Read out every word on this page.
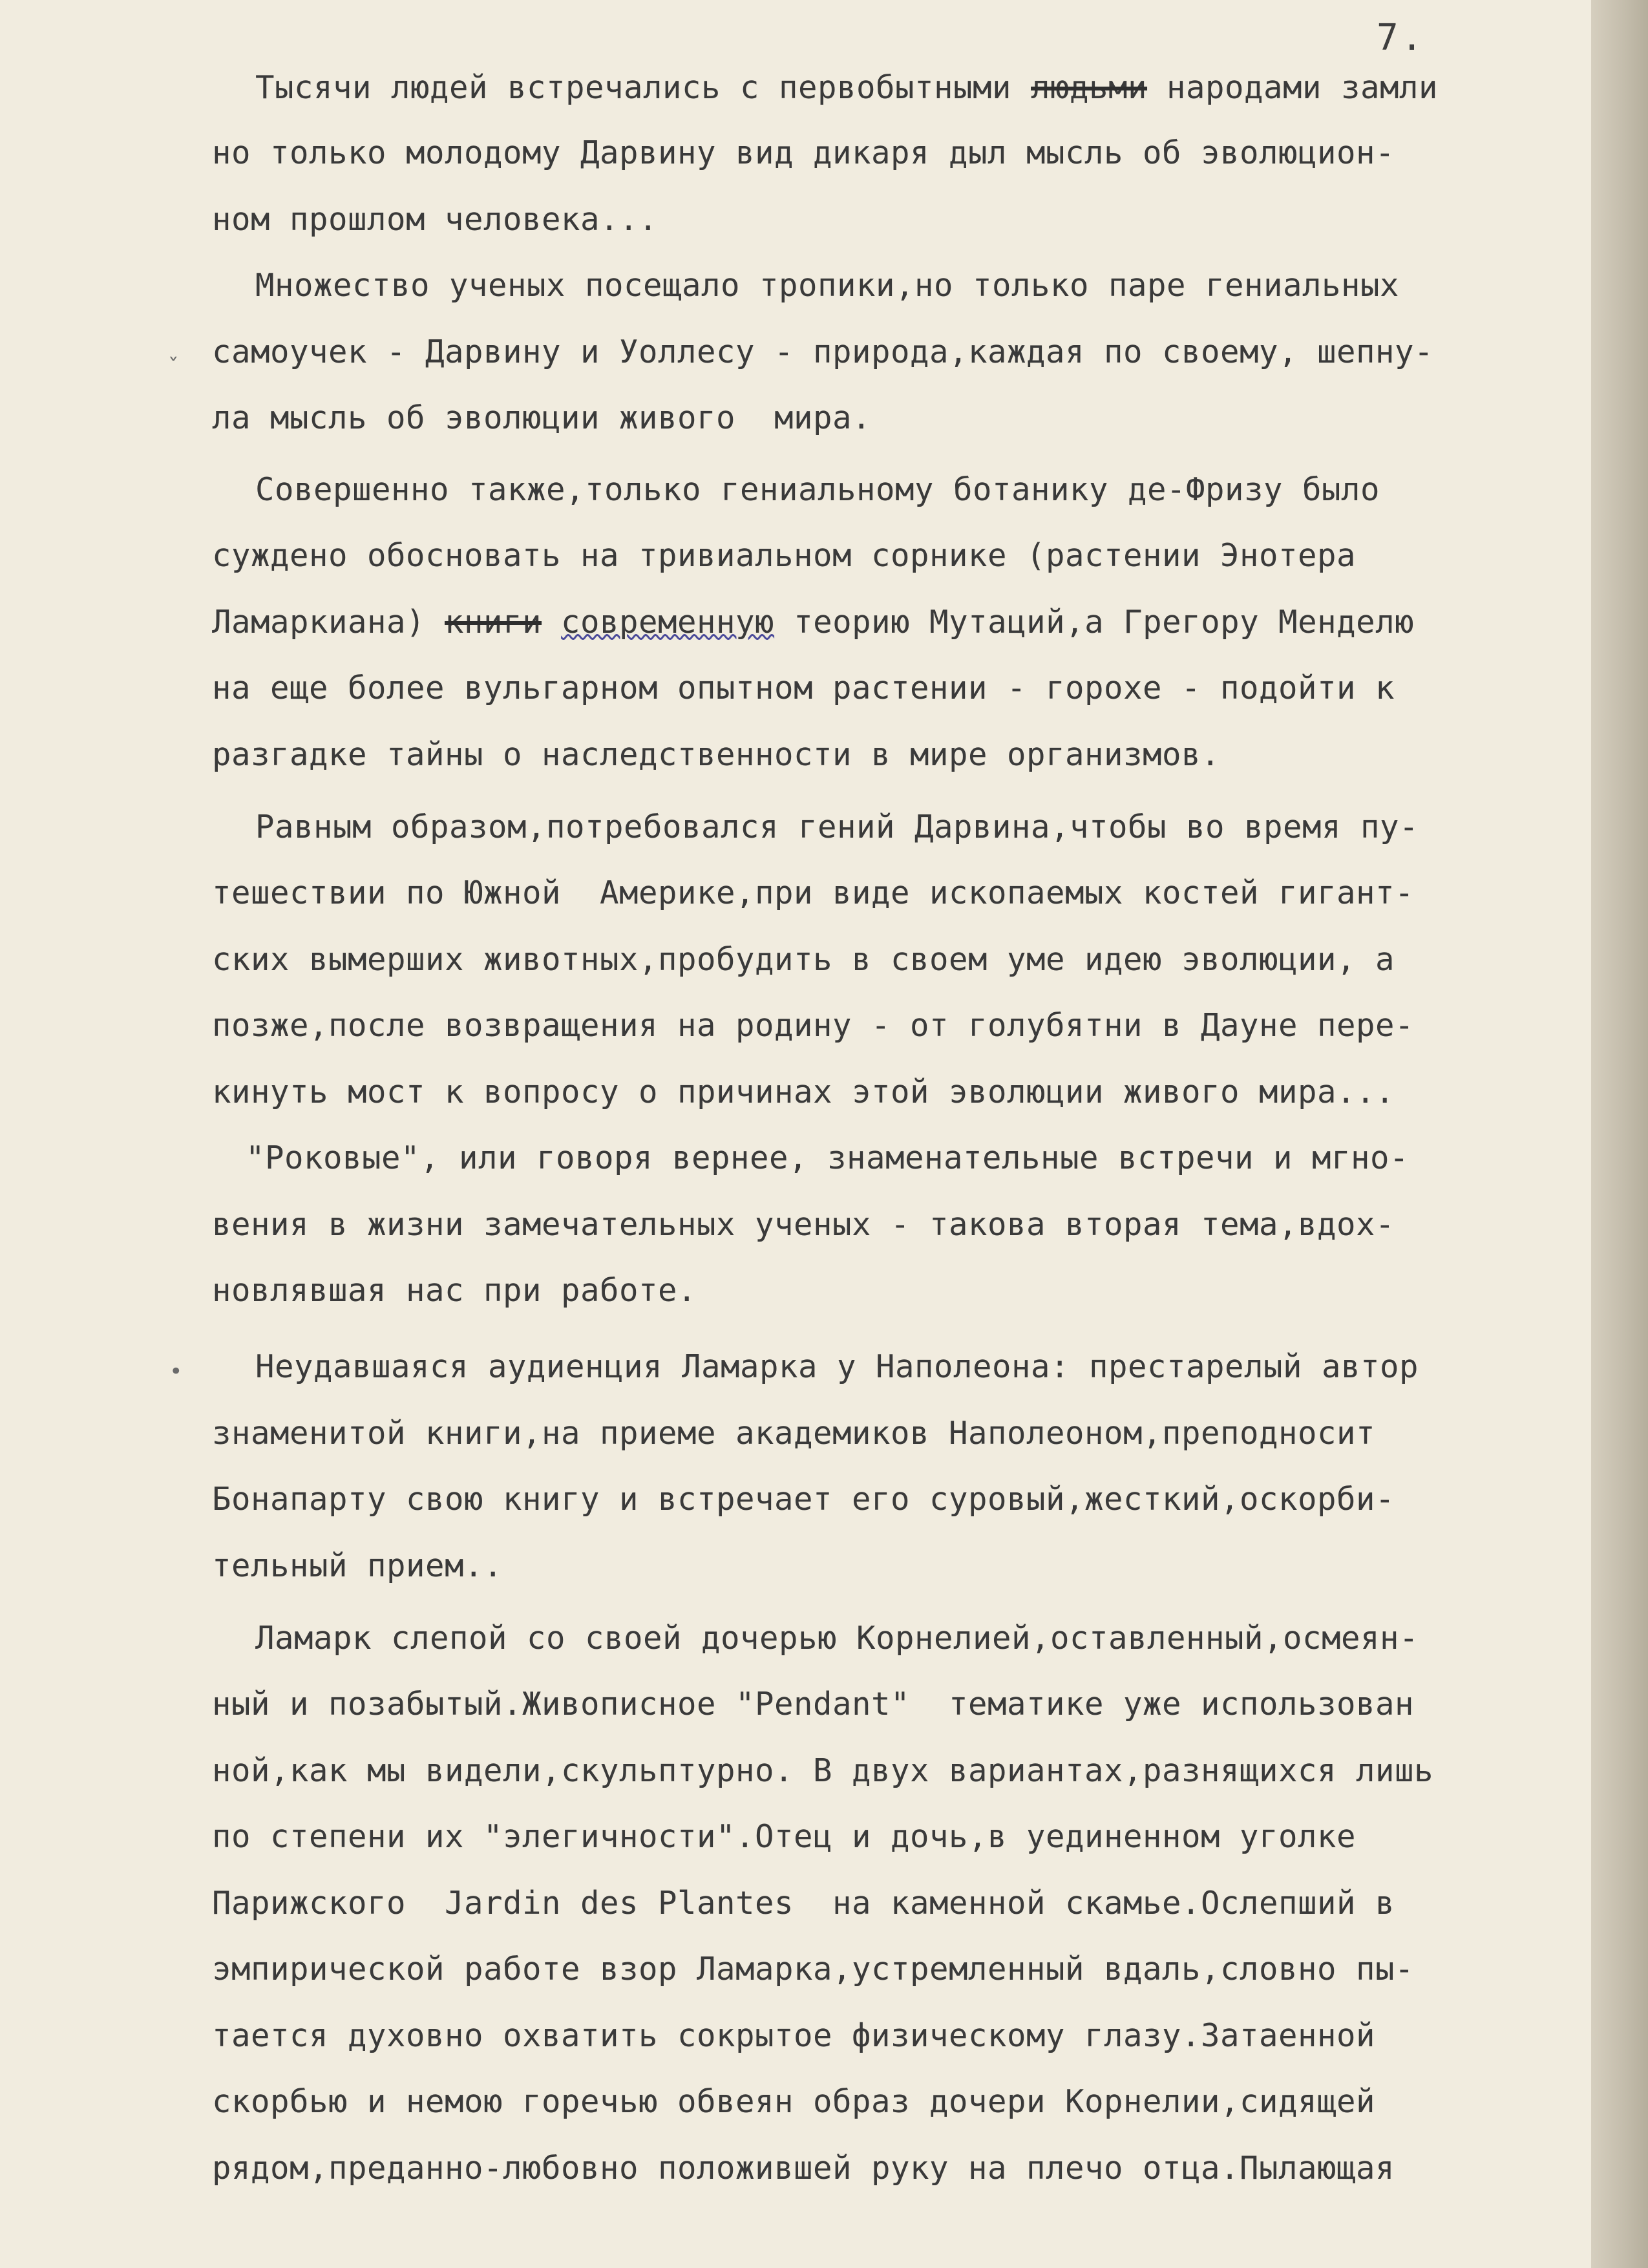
7.
ˇ
•
Тысячи людей встречались с первобытными людьми народами замли
но только молодому Дарвину вид дикаря дыл мысль об эволюцион-
ном прошлом человека...
Множество ученых посещало тропики,но только паре гениальных
самоучек - Дарвину и Уоллесу - природа,каждая по своему, шепну-
ла мысль об эволюции живого  мира.
Совершенно также,только гениальному ботанику де-Фризу было
суждено обосновать на тривиальном сорнике (растении Энотера
Ламаркиана) книги современную теорию Мутаций,а Грегору Менделю
на еще более вульгарном опытном растении - горохе - подойти к
разгадке тайны о наследственности в мире организмов.
Равным образом,потребовался гений Дарвина,чтобы во время пу-
тешествии по Южной  Америке,при виде ископаемых костей гигант-
ских вымерших животных,пробудить в своем уме идею эволюции, а
позже,после возвращения на родину - от голубятни в Дауне пере-
кинуть мост к вопросу о причинах этой эволюции живого мира...
"Роковые", или говоря вернее, знаменательные встречи и мгно-
вения в жизни замечательных ученых - такова вторая тема,вдох-
новлявшая нас при работе.
Неудавшаяся аудиенция Ламарка у Наполеона: престарелый автор
знаменитой книги,на приеме академиков Наполеоном,преподносит
Бонапарту свою книгу и встречает его суровый,жесткий,оскорби-
тельный прием..
Ламарк слепой со своей дочерью Корнелией,оставленный,осмеян-
ный и позабытый.Живописное "Pendant"  тематике уже использован
ной,как мы видели,скульптурно. В двух вариантах,разнящихся лишь
по степени их "элегичности".Отец и дочь,в уединенном уголке
Парижского  Jardin des Plantes  на каменной скамье.Ослепший в
эмпирической работе взор Ламарка,устремленный вдаль,словно пы-
тается духовно охватить сокрытое физическому глазу.Затаенной
скорбью и немою горечью обвеян образ дочери Корнелии,сидящей
рядом,преданно-любовно положившей руку на плечо отца.Пылающая
